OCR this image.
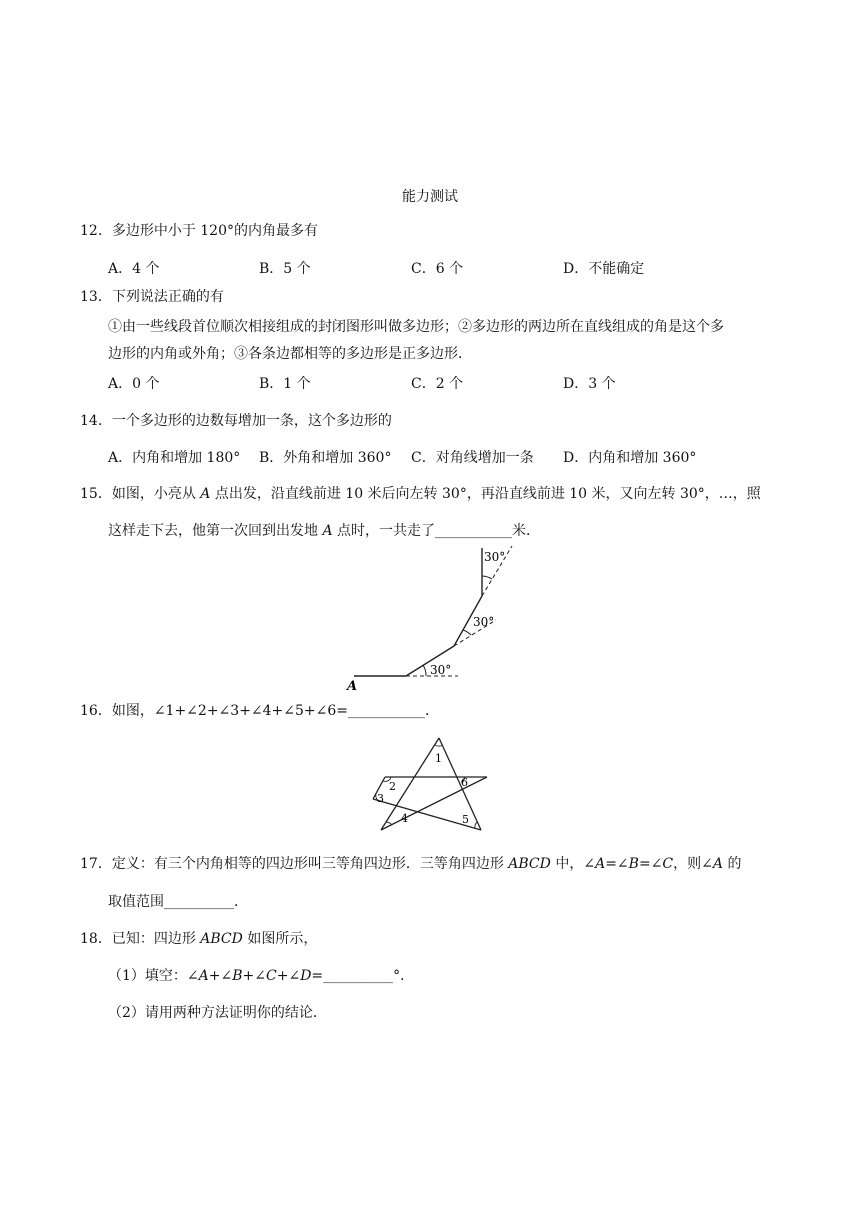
能力测试
12．多边形中小于 120°的内角最多有
A．4 个	B．5 个	C．6 个	D．不能确定
13．下列说法正确的有
①由一些线段首位顺次相接组成的封闭图形叫做多边形；②多边形的两边所在直线组成的角是这个多
边形的内角或外角；③各条边都相等的多边形是正多边形．
A．0 个	B．1 个	C．2 个	D．3 个
14．一个多边形的边数每增加一条，这个多边形的
A．内角和增加 180° B．外角和增加 360° C．对角线增加一条 D．内角和增加 360°
15．如图，小亮从 A 点出发，沿直线前进 10 米后向左转 30°，再沿直线前进 10 米，又向左转 30°，…，照
这样走下去，他第一次回到出发地 A 点时，一共走了___________米．
30°
30°
30°
A
16．如图，∠1+∠2+∠3+∠4+∠5+∠6=___________．
1
2
3
4	5
6
17．定义：有三个内角相等的四边形叫三等角四边形．三等角四边形 ABCD 中，∠A=∠B=∠C，则∠A 的
取值范围__________．
18．已知：四边形 ABCD 如图所示，
（1）填空：∠A+∠B+∠C+∠D=__________°．
（2）请用两种方法证明你的结论．
